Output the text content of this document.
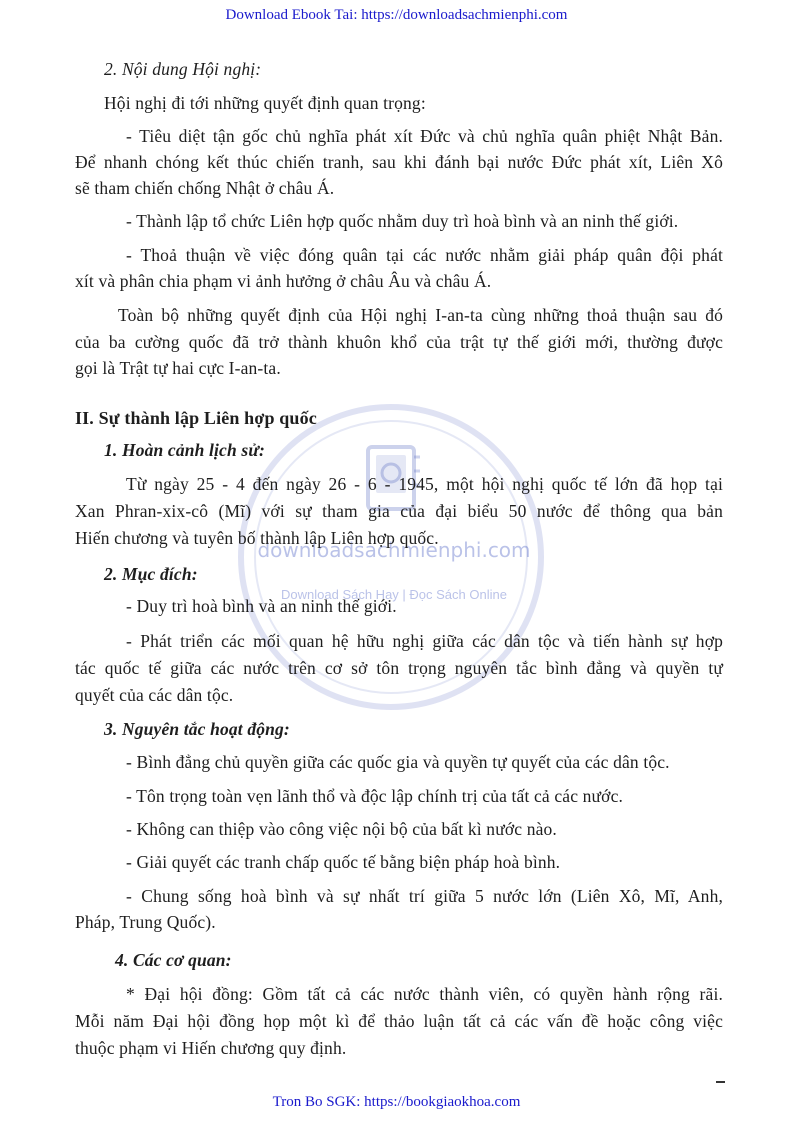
Download Ebook Tai: https://downloadsachmienphi.com
downloadsachmienphi.com
Download Sách Hay | Đọc Sách Online
2. Nội dung Hội nghị:
Hội nghị đi tới những quyết định quan trọng:
- Tiêu diệt tận gốc chủ nghĩa phát xít Đức và chủ nghĩa quân phiệt Nhật Bản.
Để nhanh chóng kết thúc chiến tranh, sau khi đánh bại nước Đức phát xít, Liên Xô
sẽ tham chiến chống Nhật ở châu Á.
- Thành lập tổ chức Liên hợp quốc nhằm duy trì hoà bình và an ninh thế giới.
- Thoả thuận về việc đóng quân tại các nước nhằm giải pháp quân đội phát
xít và phân chia phạm vi ảnh hưởng ở châu Âu và châu Á.
Toàn bộ những quyết định của Hội nghị I-an-ta cùng những thoả thuận sau đó
của ba cường quốc đã trở thành khuôn khổ của trật tự thế giới mới, thường được
gọi là Trật tự hai cực I-an-ta.
II. Sự thành lập Liên hợp quốc
1. Hoàn cảnh lịch sử:
Từ ngày 25 - 4 đến ngày 26 - 6 - 1945, một hội nghị quốc tế lớn đã họp tại
Xan Phran-xix-cô (Mĩ) với sự tham gia của đại biểu 50 nước để thông qua bản
Hiến chương và tuyên bố thành lập Liên hợp quốc.
2. Mục đích:
- Duy trì hoà bình và an ninh thế giới.
- Phát triển các mối quan hệ hữu nghị giữa các dân tộc và tiến hành sự hợp
tác quốc tế giữa các nước trên cơ sở tôn trọng nguyên tắc bình đẳng và quyền tự
quyết của các dân tộc.
3. Nguyên tắc hoạt động:
- Bình đẳng chủ quyền giữa các quốc gia và quyền tự quyết của các dân tộc.
- Tôn trọng toàn vẹn lãnh thổ và độc lập chính trị của tất cả các nước.
- Không can thiệp vào công việc nội bộ của bất kì nước nào.
- Giải quyết các tranh chấp quốc tế bằng biện pháp hoà bình.
- Chung sống hoà bình và sự nhất trí giữa 5 nước lớn (Liên Xô, Mĩ, Anh,
Pháp, Trung Quốc).
4. Các cơ quan:
* Đại hội đồng: Gồm tất cả các nước thành viên, có quyền hành rộng rãi.
Mỗi năm Đại hội đồng họp một kì để thảo luận tất cả các vấn đề hoặc công việc
thuộc phạm vi Hiến chương quy định.
Tron Bo SGK: https://bookgiaokhoa.com
